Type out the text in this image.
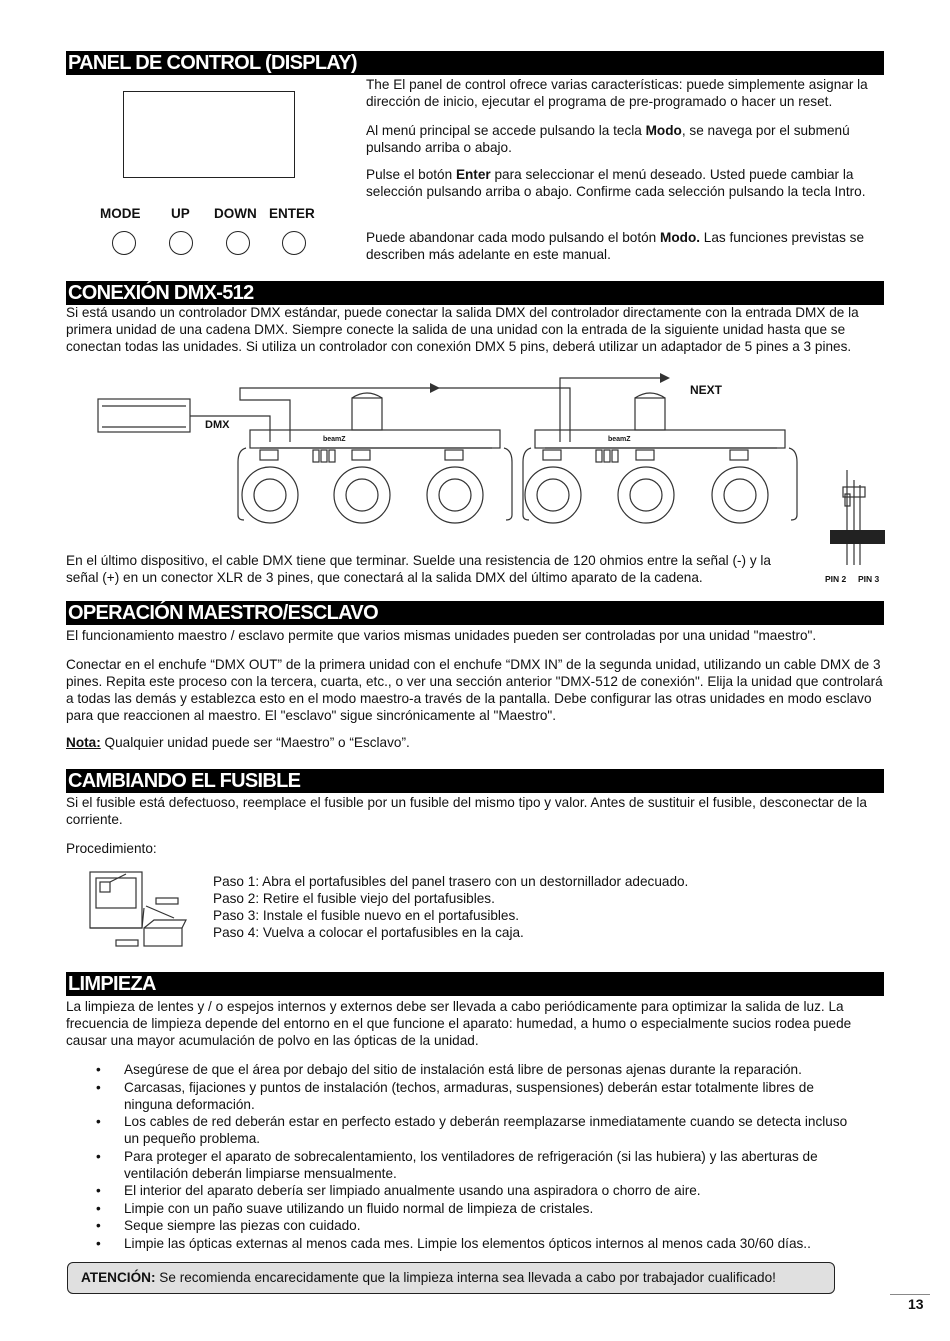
PANEL DE CONTROL (DISPLAY)
MODE UP DOWN ENTER

The El panel de control ofrece varias características: puede simplemente asignar la dirección de inicio, ejecutar el programa de pre-programado o hacer un reset.

Al menú principal se accede pulsando la tecla Modo, se navega por el submenú pulsando arriba o abajo.

Pulse el botón Enter para seleccionar el menú deseado. Usted puede cambiar la selección pulsando arriba o abajo. Confirme cada selección pulsando la tecla Intro.

Puede abandonar cada modo pulsando el botón Modo. Las funciones previstas se describen más adelante en este manual.

CONEXIÓN DMX-512

Si está usando un controlador DMX estándar, puede conectar la salida DMX del controlador directamente con la entrada DMX de la primera unidad de una cadena DMX. Siempre conecte la salida de una unidad con la entrada de la siguiente unidad hasta que se conectan todas las unidades. Si utiliza un controlador con conexión DMX 5 pins, deberá utilizar un adaptador de 5 pines a 3 pines.

DMX
NEXT
beamZ	beamZ
PIN 2 PIN 3

En el último dispositivo, el cable DMX tiene que terminar. Suelde una resistencia de 120 ohmios entre la señal (-) y la señal (+) en un conector XLR de 3 pines, que conectará al la salida DMX del último aparato de la cadena.

OPERACIÓN MAESTRO/ESCLAVO

El funcionamiento maestro / esclavo permite que varios mismas unidades pueden ser controladas por una unidad "maestro".

Conectar en el enchufe “DMX OUT” de la primera unidad con el enchufe “DMX IN” de la segunda unidad, utilizando un cable DMX de 3 pines. Repita este proceso con la tercera, cuarta, etc., o ver una sección anterior "DMX-512 de conexión". Elija la unidad que controlará a todas las demás y establezca esto en el modo maestro-a través de la pantalla. Debe configurar las otras unidades en modo esclavo para que reaccionen al maestro. El "esclavo" sigue sincrónicamente al "Maestro".

Nota: Qualquier unidad puede ser “Maestro” o “Esclavo”.

CAMBIANDO EL FUSIBLE

Si el fusible está defectuoso, reemplace el fusible por un fusible del mismo tipo y valor. Antes de sustituir el fusible, desconectar de la corriente.

Procedimiento:

Paso 1: Abra el portafusibles del panel trasero con un destornillador adecuado.
Paso 2: Retire el fusible viejo del portafusibles.
Paso 3: Instale el fusible nuevo en el portafusibles.
Paso 4: Vuelva a colocar el portafusibles en la caja.
LIMPIEZA

La limpieza de lentes y / o espejos internos y externos debe ser llevada a cabo periódicamente para optimizar la salida de luz. La frecuencia de limpieza depende del entorno en el que funcione el aparato: humedad, a humo o especialmente sucios rodea puede causar una mayor acumulación de polvo en las ópticas de la unidad.

• Asegúrese de que el área por debajo del sitio de instalación está libre de personas ajenas durante la reparación.
• Carcasas, fijaciones y puntos de instalación (techos, armaduras, suspensiones) deberán estar totalmente libres de ninguna deformación.
• Los cables de red deberán estar en perfecto estado y deberán reemplazarse inmediatamente cuando se detecta incluso un pequeño problema.
• Para proteger el aparato de sobrecalentamiento, los ventiladores de refrigeración (si las hubiera) y las aberturas de ventilación deberán limpiarse mensualmente.
• El interior del aparato debería ser limpiado anualmente usando una aspiradora o chorro de aire.
• Limpie con un paño suave utilizando un fluido normal de limpieza de cristales.
• Seque siempre las piezas con cuidado.
• Limpie las ópticas externas al menos cada mes. Limpie los elementos ópticos internos al menos cada 30/60 días..
ATENCIÓN: Se recomienda encarecidamente que la limpieza interna sea llevada a cabo por trabajador cualificado!
13
